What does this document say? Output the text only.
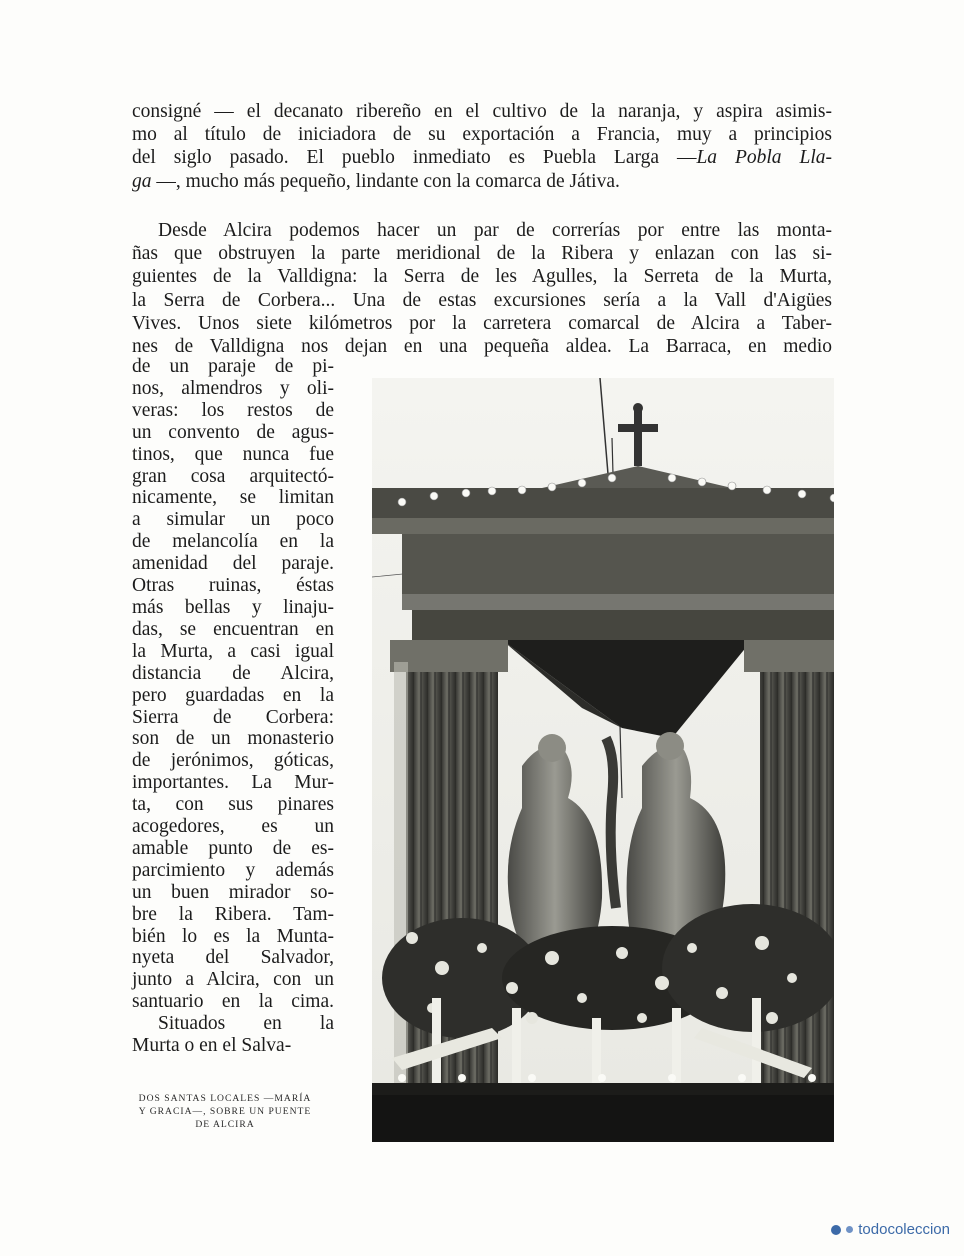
consigné — el decanato ribereño en el cultivo de la naranja, y aspira asimis-
mo al título de iniciadora de su exportación a Francia, muy a principios
del siglo pasado. El pueblo inmediato es Puebla Larga —La Pobla Lla-
ga —, mucho más pequeño, lindante con la comarca de Játiva.

Desde Alcira podemos hacer un par de correrías por entre las monta-
ñas que obstruyen la parte meridional de la Ribera y enlazan con las si-
guientes de la Valldigna: la Serra de les Agulles, la Serreta de la Murta,
la Serra de Corbera... Una de estas excursiones sería a la Vall d'Aigües
Vives. Unos siete kilómetros por la carretera comarcal de Alcira a Taber-
nes de Valldigna nos dejan en una pequeña aldea. La Barraca, en medio

de un paraje de pi-
nos, almendros y oli-
veras: los restos de
un convento de agus-
tinos, que nunca fue
gran cosa arquitectó-
nicamente, se limitan
a simular un poco
de melancolía en la
amenidad del paraje.
Otras ruinas, éstas
más bellas y linaju-
das, se encuentran en
la Murta, a casi igual
distancia de Alcira,
pero guardadas en la
Sierra de Corbera:
son de un monasterio
de jerónimos, góticas,
importantes. La Mur-
ta, con sus pinares
acogedores, es un
amable punto de es-
parcimiento y además
un buen mirador so-
bre la Ribera. Tam-
bién lo es la Munta-
nyeta del Salvador,
junto a Alcira, con un
santuario en la cima.
Situados en la
Murta o en el Salva-

DOS SANTAS LOCALES —MARÍA
Y GRACIA—, SOBRE UN PUENTE
DE ALCIRA

todocoleccion
